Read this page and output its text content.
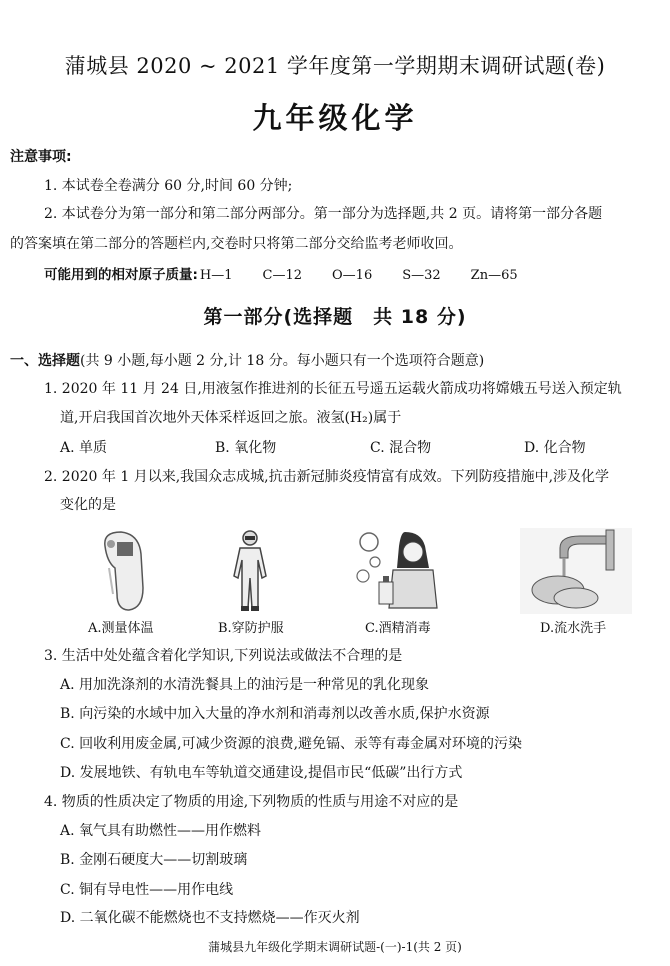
蒲城县 2020 ~ 2021 学年度第一学期期末调研试题(卷)
九年级化学
注意事项:
1. 本试卷全卷满分 60 分,时间 60 分钟;
2. 本试卷分为第一部分和第二部分两部分。第一部分为选择题,共 2 页。请将第一部分各题
的答案填在第二部分的答题栏内,交卷时只将第二部分交给监考老师收回。
可能用到的相对原子质量: H—1 C—12 O—16 S—32 Zn—65
第一部分(选择题　共 18 分)
一、选择题(共 9 小题,每小题 2 分,计 18 分。每小题只有一个选项符合题意)
1. 2020 年 11 月 24 日,用液氢作推进剂的长征五号遥五运载火箭成功将嫦娥五号送入预定轨
道,开启我国首次地外天体采样返回之旅。液氢(H₂)属于
A. 单质	B. 氧化物	C. 混合物	D. 化合物
2. 2020 年 1 月以来,我国众志成城,抗击新冠肺炎疫情富有成效。下列防疫措施中,涉及化学
变化的是
A.测量体温	B.穿防护服	C.酒精消毒	D.流水洗手
3. 生活中处处蕴含着化学知识,下列说法或做法不合理的是
A. 用加洗涤剂的水清洗餐具上的油污是一种常见的乳化现象
B. 向污染的水域中加入大量的净水剂和消毒剂以改善水质,保护水资源
C. 回收利用废金属,可减少资源的浪费,避免镉、汞等有毒金属对环境的污染
D. 发展地铁、有轨电车等轨道交通建设,提倡市民“低碳”出行方式
4. 物质的性质决定了物质的用途,下列物质的性质与用途不对应的是
A. 氧气具有助燃性——用作燃料
B. 金刚石硬度大——切割玻璃
C. 铜有导电性——用作电线
D. 二氧化碳不能燃烧也不支持燃烧——作灭火剂
蒲城县九年级化学期末调研试题-(一)-1(共 2 页)
